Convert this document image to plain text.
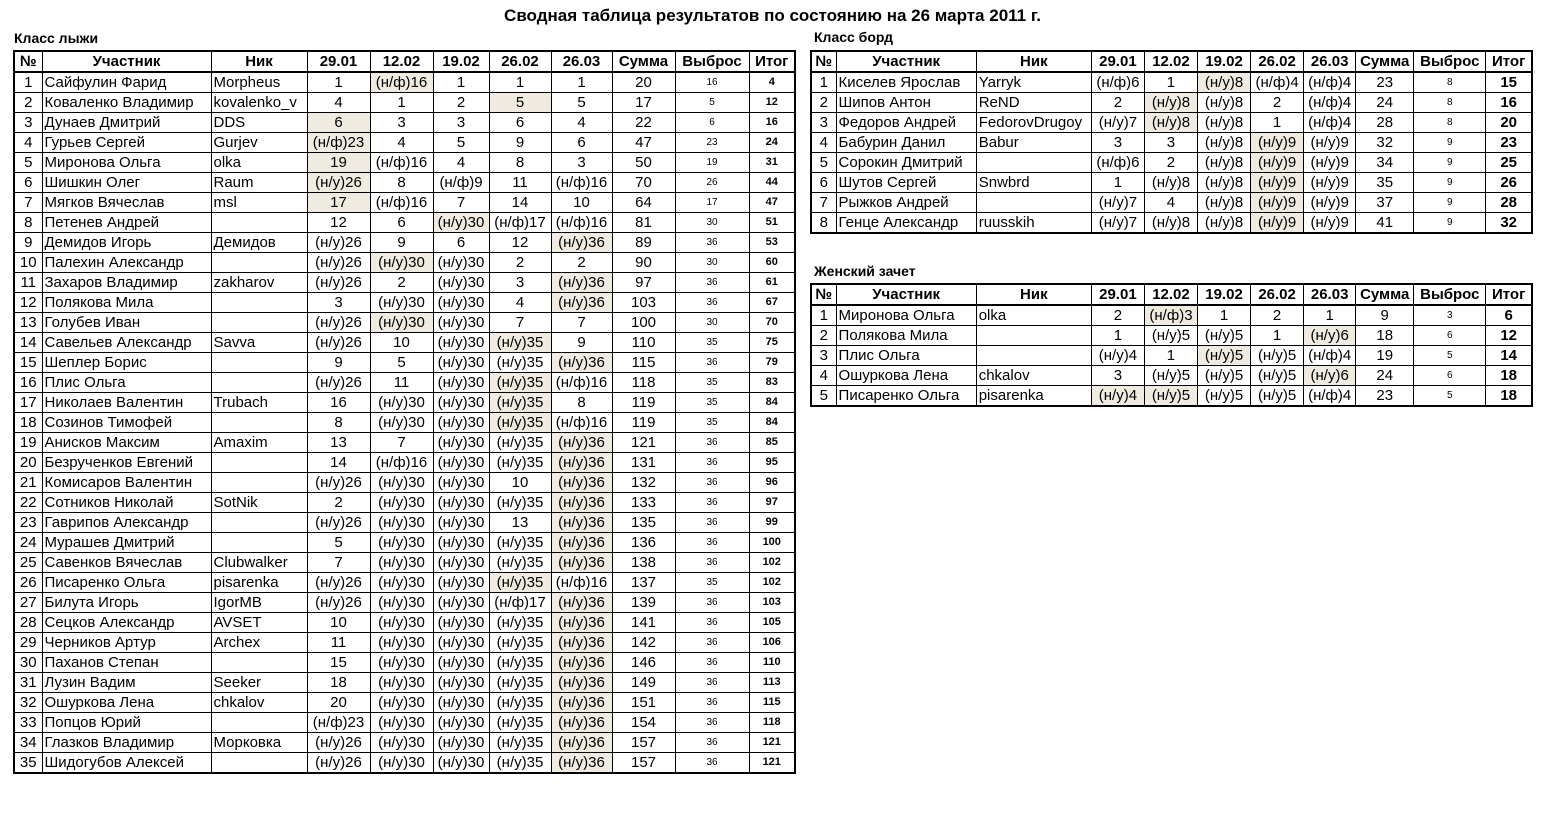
Сводная таблица результатов по состоянию на 26 марта 2011 г.
Класс лыжи	Класс борд
Женский зачет
№	Участник	Ник	29.01	12.02	19.02	26.02	26.03	Сумма	Выброс	Итог
1	Сайфулин Фарид	Morpheus	1	(н/ф)16	1	1	1	20	16	4
2	Коваленко Владимир	kovalenko_v	4	1	2	5	5	17	5	12
3	Дунаев Дмитрий	DDS	6	3	3	6	4	22	6	16
4	Гурьев Сергей	Gurjev	(н/ф)23	4	5	9	6	47	23	24
5	Миронова Ольга	olka	19	(н/ф)16	4	8	3	50	19	31
6	Шишкин Олег	Raum	(н/у)26	8	(н/ф)9	11	(н/ф)16	70	26	44
7	Мягков Вячеслав	msl	17	(н/ф)16	7	14	10	64	17	47
8	Петенев Андрей		12	6	(н/у)30	(н/ф)17	(н/ф)16	81	30	51
9	Демидов Игорь	Демидов	(н/у)26	9	6	12	(н/у)36	89	36	53
10	Палехин Александр		(н/у)26	(н/у)30	(н/у)30	2	2	90	30	60
11	Захаров Владимир	zakharov	(н/у)26	2	(н/у)30	3	(н/у)36	97	36	61
12	Полякова Мила		3	(н/у)30	(н/у)30	4	(н/у)36	103	36	67
13	Голубев Иван		(н/у)26	(н/у)30	(н/у)30	7	7	100	30	70
14	Савельев Александр	Savva	(н/у)26	10	(н/у)30	(н/у)35	9	110	35	75
15	Шеплер Борис		9	5	(н/у)30	(н/у)35	(н/у)36	115	36	79
16	Плис Ольга		(н/у)26	11	(н/у)30	(н/у)35	(н/ф)16	118	35	83
17	Николаев Валентин	Trubach	16	(н/у)30	(н/у)30	(н/у)35	8	119	35	84
18	Созинов Тимофей		8	(н/у)30	(н/у)30	(н/у)35	(н/ф)16	119	35	84
19	Анисков Максим	Amaxim	13	7	(н/у)30	(н/у)35	(н/у)36	121	36	85
20	Безрученков Евгений		14	(н/ф)16	(н/у)30	(н/у)35	(н/у)36	131	36	95
21	Комисаров Валентин		(н/у)26	(н/у)30	(н/у)30	10	(н/у)36	132	36	96
22	Сотников Николай	SotNik	2	(н/у)30	(н/у)30	(н/у)35	(н/у)36	133	36	97
23	Гаврипов Александр		(н/у)26	(н/у)30	(н/у)30	13	(н/у)36	135	36	99
24	Мурашев Дмитрий		5	(н/у)30	(н/у)30	(н/у)35	(н/у)36	136	36	100
25	Савенков Вячеслав	Clubwalker	7	(н/у)30	(н/у)30	(н/у)35	(н/у)36	138	36	102
26	Писаренко Ольга	pisarenka	(н/у)26	(н/у)30	(н/у)30	(н/у)35	(н/ф)16	137	35	102
27	Билута Игорь	IgorMB	(н/у)26	(н/у)30	(н/у)30	(н/ф)17	(н/у)36	139	36	103
28	Сецков Александр	AVSET	10	(н/у)30	(н/у)30	(н/у)35	(н/у)36	141	36	105
29	Черников Артур	Archex	11	(н/у)30	(н/у)30	(н/у)35	(н/у)36	142	36	106
30	Паханов Степан		15	(н/у)30	(н/у)30	(н/у)35	(н/у)36	146	36	110
31	Лузин Вадим	Seeker	18	(н/у)30	(н/у)30	(н/у)35	(н/у)36	149	36	113
32	Ошуркова Лена	chkalov	20	(н/у)30	(н/у)30	(н/у)35	(н/у)36	151	36	115
33	Попцов Юрий		(н/ф)23	(н/у)30	(н/у)30	(н/у)35	(н/у)36	154	36	118
34	Глазков Владимир	Морковка	(н/у)26	(н/у)30	(н/у)30	(н/у)35	(н/у)36	157	36	121
35	Шидогубов Алексей		(н/у)26	(н/у)30	(н/у)30	(н/у)35	(н/у)36	157	36	121
№	Участник	Ник	29.01	12.02	19.02	26.02	26.03	Сумма	Выброс	Итог
1	Киселев Ярослав	Yarryk	(н/ф)6	1	(н/у)8	(н/ф)4	(н/ф)4	23	8	15
2	Шипов Антон	ReND	2	(н/у)8	(н/у)8	2	(н/ф)4	24	8	16
3	Федоров Андрей	FedorovDrugoy	(н/у)7	(н/у)8	(н/у)8	1	(н/ф)4	28	8	20
4	Бабурин Данил	Babur	3	3	(н/у)8	(н/у)9	(н/у)9	32	9	23
5	Сорокин Дмитрий		(н/ф)6	2	(н/у)8	(н/у)9	(н/у)9	34	9	25
6	Шутов Сергей	Snwbrd	1	(н/у)8	(н/у)8	(н/у)9	(н/у)9	35	9	26
7	Рыжков Андрей		(н/у)7	4	(н/у)8	(н/у)9	(н/у)9	37	9	28
8	Генце Александр	ruusskih	(н/у)7	(н/у)8	(н/у)8	(н/у)9	(н/у)9	41	9	32
№	Участник	Ник	29.01	12.02	19.02	26.02	26.03	Сумма	Выброс	Итог
1	Миронова Ольга	olka	2	(н/ф)3	1	2	1	9	3	6
2	Полякова Мила		1	(н/у)5	(н/у)5	1	(н/у)6	18	6	12
3	Плис Ольга		(н/у)4	1	(н/у)5	(н/у)5	(н/ф)4	19	5	14
4	Ошуркова Лена	chkalov	3	(н/у)5	(н/у)5	(н/у)5	(н/у)6	24	6	18
5	Писаренко Ольга	pisarenka	(н/у)4	(н/у)5	(н/у)5	(н/у)5	(н/ф)4	23	5	18
